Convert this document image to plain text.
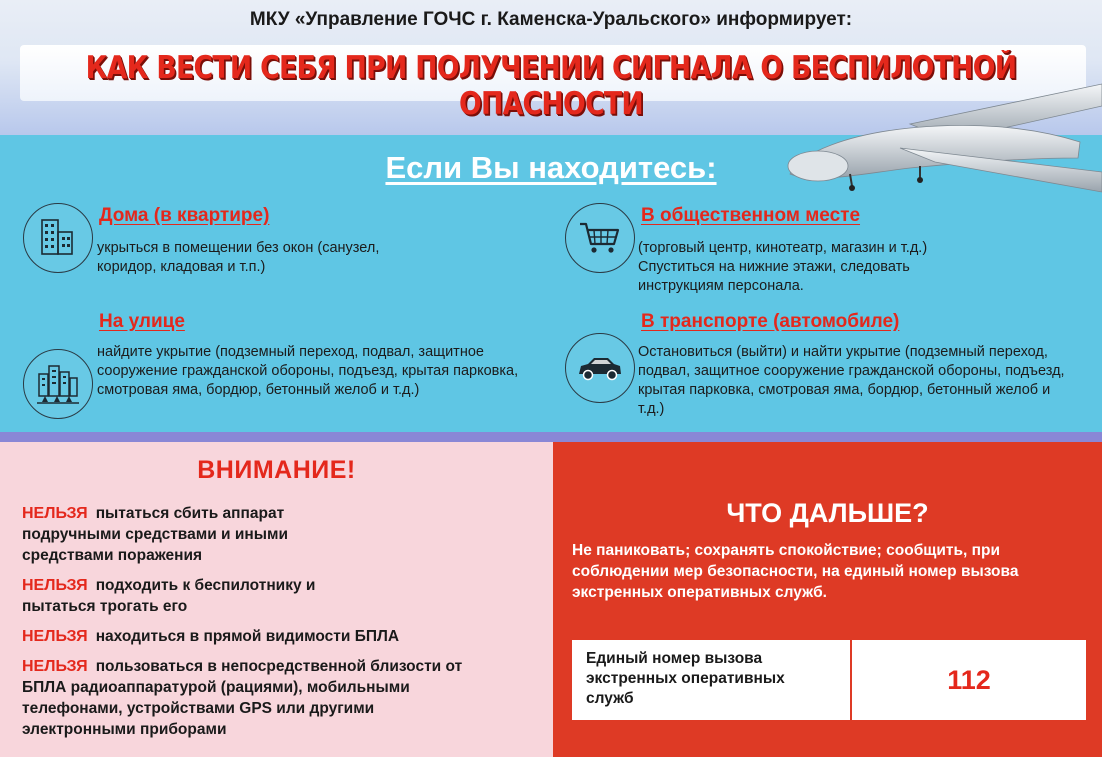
МКУ «Управление ГОЧС г. Каменска-Уральского» информирует:
КАК ВЕСТИ СЕБЯ ПРИ ПОЛУЧЕНИИ СИГНАЛА О БЕСПИЛОТНОЙ ОПАСНОСТИ
Если Вы находитесь:
Дома (в квартире)
укрыться в помещении без окон (санузел, коридор, кладовая и т.п.)
В общественном месте
(торговый центр, кинотеатр, магазин и т.д.) Спуститься на нижние этажи, следовать инструкциям персонала.
На улице
найдите укрытие (подземный переход, подвал, защитное сооружение гражданской обороны, подъезд, крытая парковка, смотровая яма, бордюр, бетонный желоб и т.д.)
В транспорте (автомобиле)
Остановиться (выйти) и найти укрытие (подземный переход, подвал, защитное сооружение гражданской обороны, подъезд, крытая парковка, смотровая яма, бордюр, бетонный желоб и т.д.)
ВНИМАНИЕ!
НЕЛЬЗЯ пытаться сбить аппарат подручными средствами и иными средствами поражения
НЕЛЬЗЯ подходить к беспилотнику и пытаться трогать его
НЕЛЬЗЯ находиться в прямой видимости БПЛА
НЕЛЬЗЯ пользоваться в непосредственной близости от БПЛА радиоаппаратурой (рациями), мобильными телефонами, устройствами GPS или другими электронными приборами
ЧТО ДАЛЬШЕ?
Не паниковать; сохранять спокойствие; сообщить, при соблюдении мер безопасности, на единый номер вызова экстренных оперативных служб.
Единый номер вызова экстренных оперативных служб
112
